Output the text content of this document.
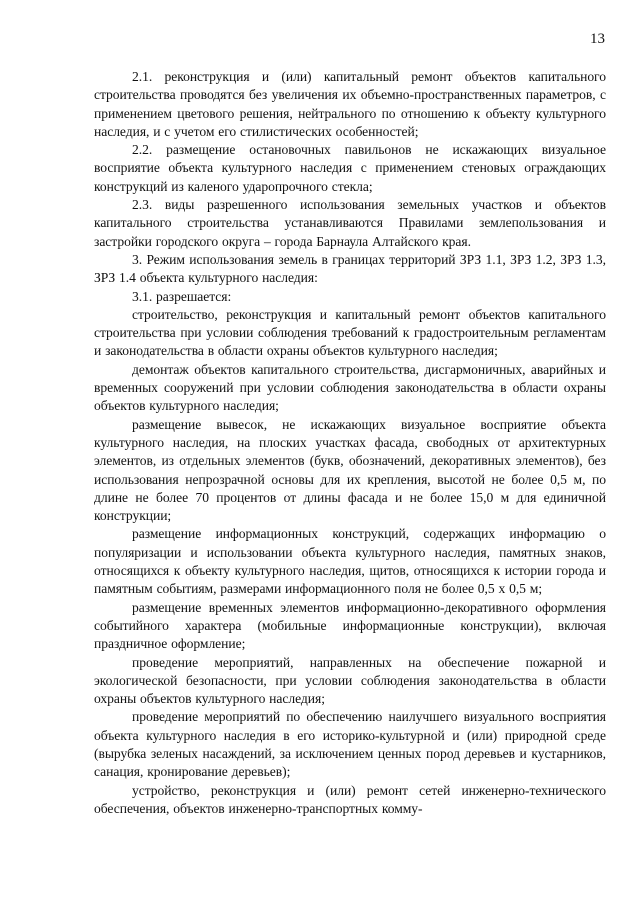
13

2.1. реконструкция и (или) капитальный ремонт объектов капитального строительства проводятся без увеличения их объемно-пространственных параметров, с применением цветового решения, нейтрального по отношению к объекту культурного наследия, и с учетом его стилистических особенностей;

2.2. размещение остановочных павильонов не искажающих визуальное восприятие объекта культурного наследия с применением стеновых ограждающих конструкций из каленого ударопрочного стекла;

2.3. виды разрешенного использования земельных участков и объектов капитального строительства устанавливаются Правилами землепользования и застройки городского округа – города Барнаула Алтайского края.

3. Режим использования земель в границах территорий ЗРЗ 1.1, ЗРЗ 1.2, ЗРЗ 1.3, ЗРЗ 1.4 объекта культурного наследия:

3.1. разрешается:

строительство, реконструкция и капитальный ремонт объектов капитального строительства при условии соблюдения требований к градостроительным регламентам и законодательства в области охраны объектов культурного наследия;

демонтаж объектов капитального строительства, дисгармоничных, аварийных и временных сооружений при условии соблюдения законодательства в области охраны объектов культурного наследия;

размещение вывесок, не искажающих визуальное восприятие объекта культурного наследия, на плоских участках фасада, свободных от архитектурных элементов, из отдельных элементов (букв, обозначений, декоративных элементов), без использования непрозрачной основы для их крепления, высотой не более 0,5 м, по длине не более 70 процентов от длины фасада и не более 15,0 м для единичной конструкции;

размещение информационных конструкций, содержащих информацию о популяризации и использовании объекта культурного наследия, памятных знаков, относящихся к объекту культурного наследия, щитов, относящихся к истории города и памятным событиям, размерами информационного поля не более 0,5 х 0,5 м;

размещение временных элементов информационно-декоративного оформления событийного характера (мобильные информационные конструкции), включая праздничное оформление;

проведение мероприятий, направленных на обеспечение пожарной и экологической безопасности, при условии соблюдения законодательства в области охраны объектов культурного наследия;

проведение мероприятий по обеспечению наилучшего визуального восприятия объекта культурного наследия в его историко-культурной и (или) природной среде (вырубка зеленых насаждений, за исключением ценных пород деревьев и кустарников, санация, кронирование деревьев);

устройство, реконструкция и (или) ремонт сетей инженерно-технического обеспечения, объектов инженерно-транспортных комму-
